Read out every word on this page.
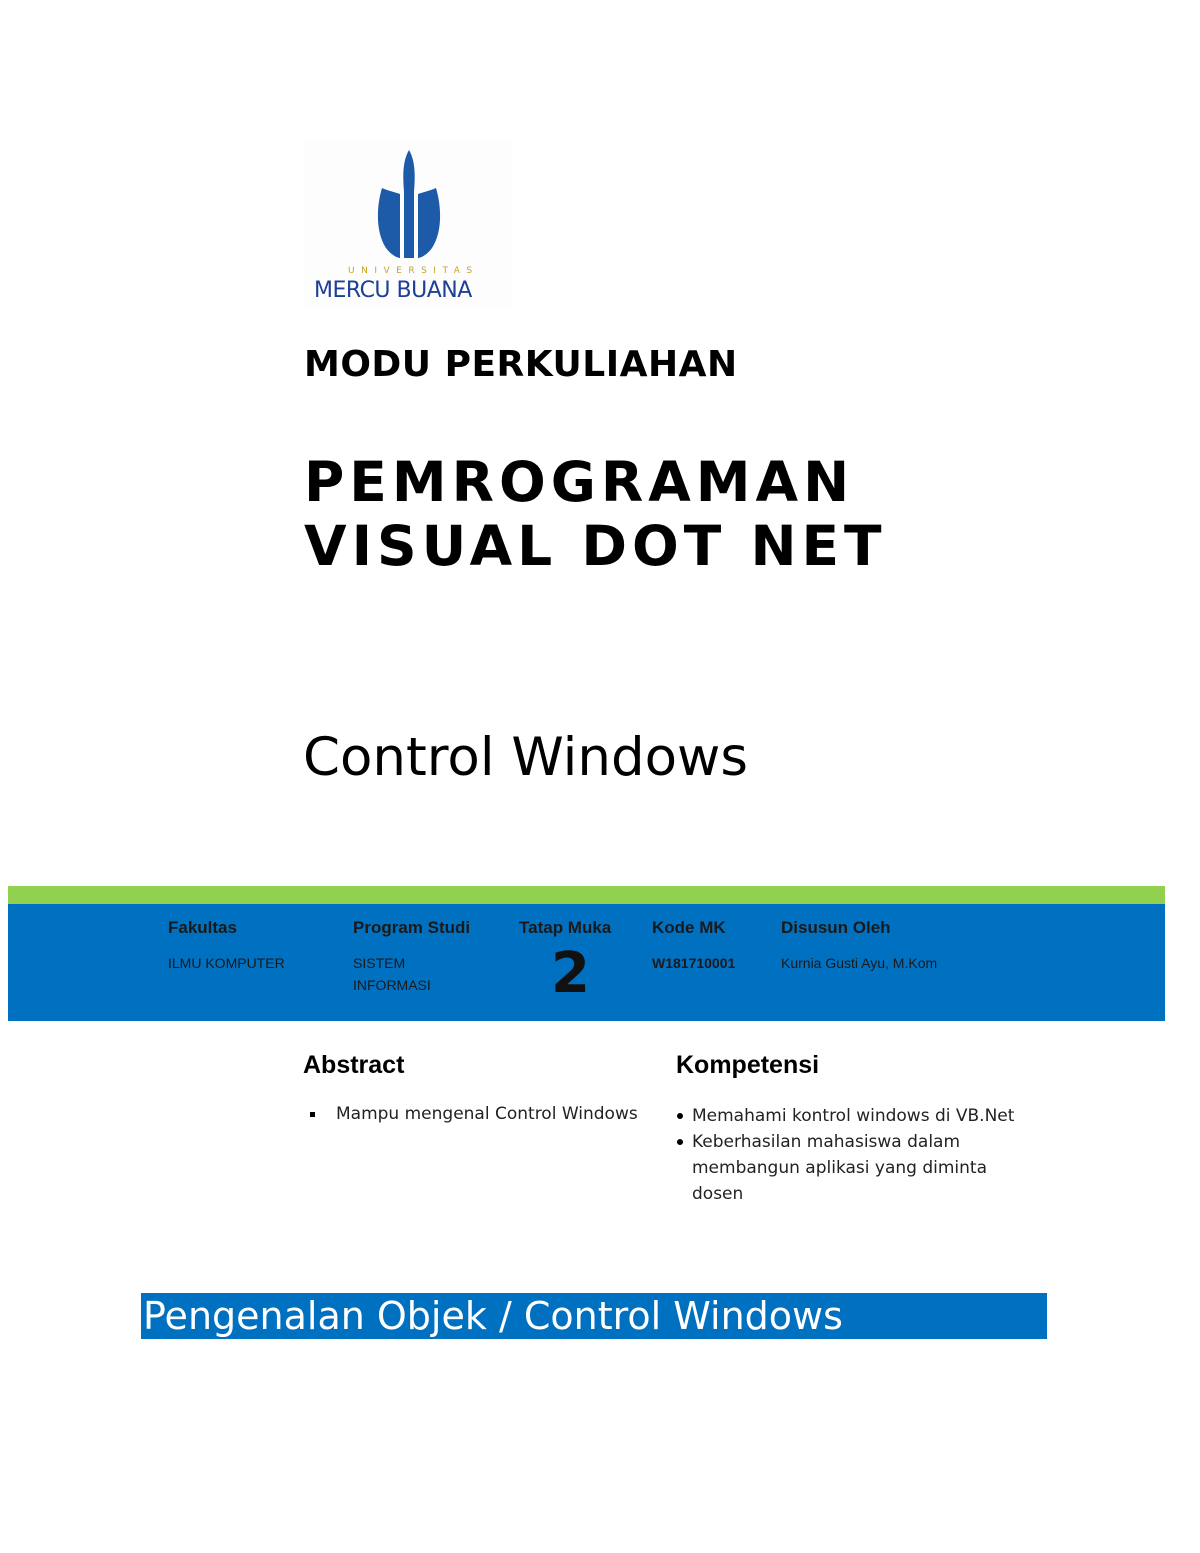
UNIVERSITAS
MERCU BUANA
MODU PERKULIAHAN
PEMROGRAMAN
VISUAL DOT NET
Control Windows
Fakultas
ILMU KOMPUTER
Program Studi
SISTEM
INFORMASI
Tatap Muka
2
Kode MK
W181710001
Disusun Oleh
Kurnia Gusti Ayu, M.Kom
Abstract
Mampu mengenal Control Windows
Kompetensi
Memahami kontrol windows di VB.Net
Keberhasilan mahasiswa dalam membangun aplikasi yang diminta dosen
Pengenalan Objek / Control Windows
